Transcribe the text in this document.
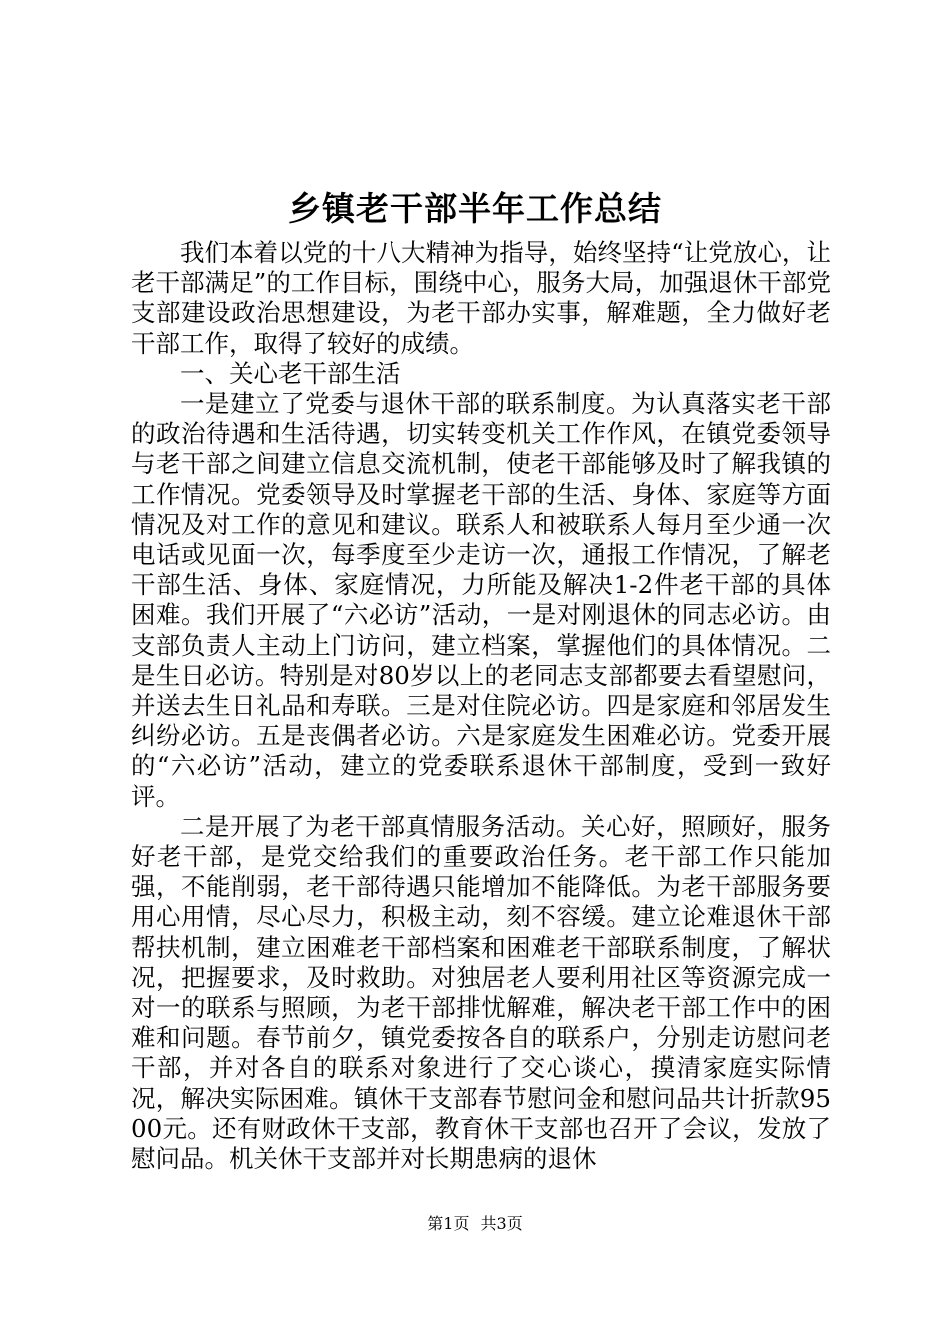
乡镇老干部半年工作总结

我们本着以党的十八大精神为指导，始终坚持“让党放心，让老干部满足”的工作目标，围绕中心，服务大局，加强退休干部党支部建设政治思想建设，为老干部办实事，解难题，全力做好老干部工作，取得了较好的成绩。

一、关心老干部生活

一是建立了党委与退休干部的联系制度。为认真落实老干部的政治待遇和生活待遇，切实转变机关工作作风，在镇党委领导与老干部之间建立信息交流机制，使老干部能够及时了解我镇的工作情况。党委领导及时掌握老干部的生活、身体、家庭等方面情况及对工作的意见和建议。联系人和被联系人每月至少通一次电话或见面一次，每季度至少走访一次，通报工作情况，了解老干部生活、身体、家庭情况，力所能及解决1-2件老干部的具体困难。我们开展了“六必访”活动，一是对刚退休的同志必访。由支部负责人主动上门访问，建立档案，掌握他们的具体情况。二是生日必访。特别是对80岁以上的老同志支部都要去看望慰问，并送去生日礼品和寿联。三是对住院必访。四是家庭和邻居发生纠纷必访。五是丧偶者必访。六是家庭发生困难必访。党委开展的“六必访”活动，建立的党委联系退休干部制度，受到一致好评。

二是开展了为老干部真情服务活动。关心好，照顾好，服务好老干部，是党交给我们的重要政治任务。老干部工作只能加强，不能削弱，老干部待遇只能增加不能降低。为老干部服务要用心用情，尽心尽力，积极主动，刻不容缓。建立论难退休干部帮扶机制，建立困难老干部档案和困难老干部联系制度，了解状况，把握要求，及时救助。对独居老人要利用社区等资源完成一对一的联系与照顾，为老干部排忧解难，解决老干部工作中的困难和问题。春节前夕，镇党委按各自的联系户，分别走访慰问老干部，并对各自的联系对象进行了交心谈心，摸清家庭实际情况，解决实际困难。镇休干支部春节慰问金和慰问品共计折款9500元。还有财政休干支部，教育休干支部也召开了会议，发放了慰问品。机关休干支部并对长期患病的退休

第1页 共3页
